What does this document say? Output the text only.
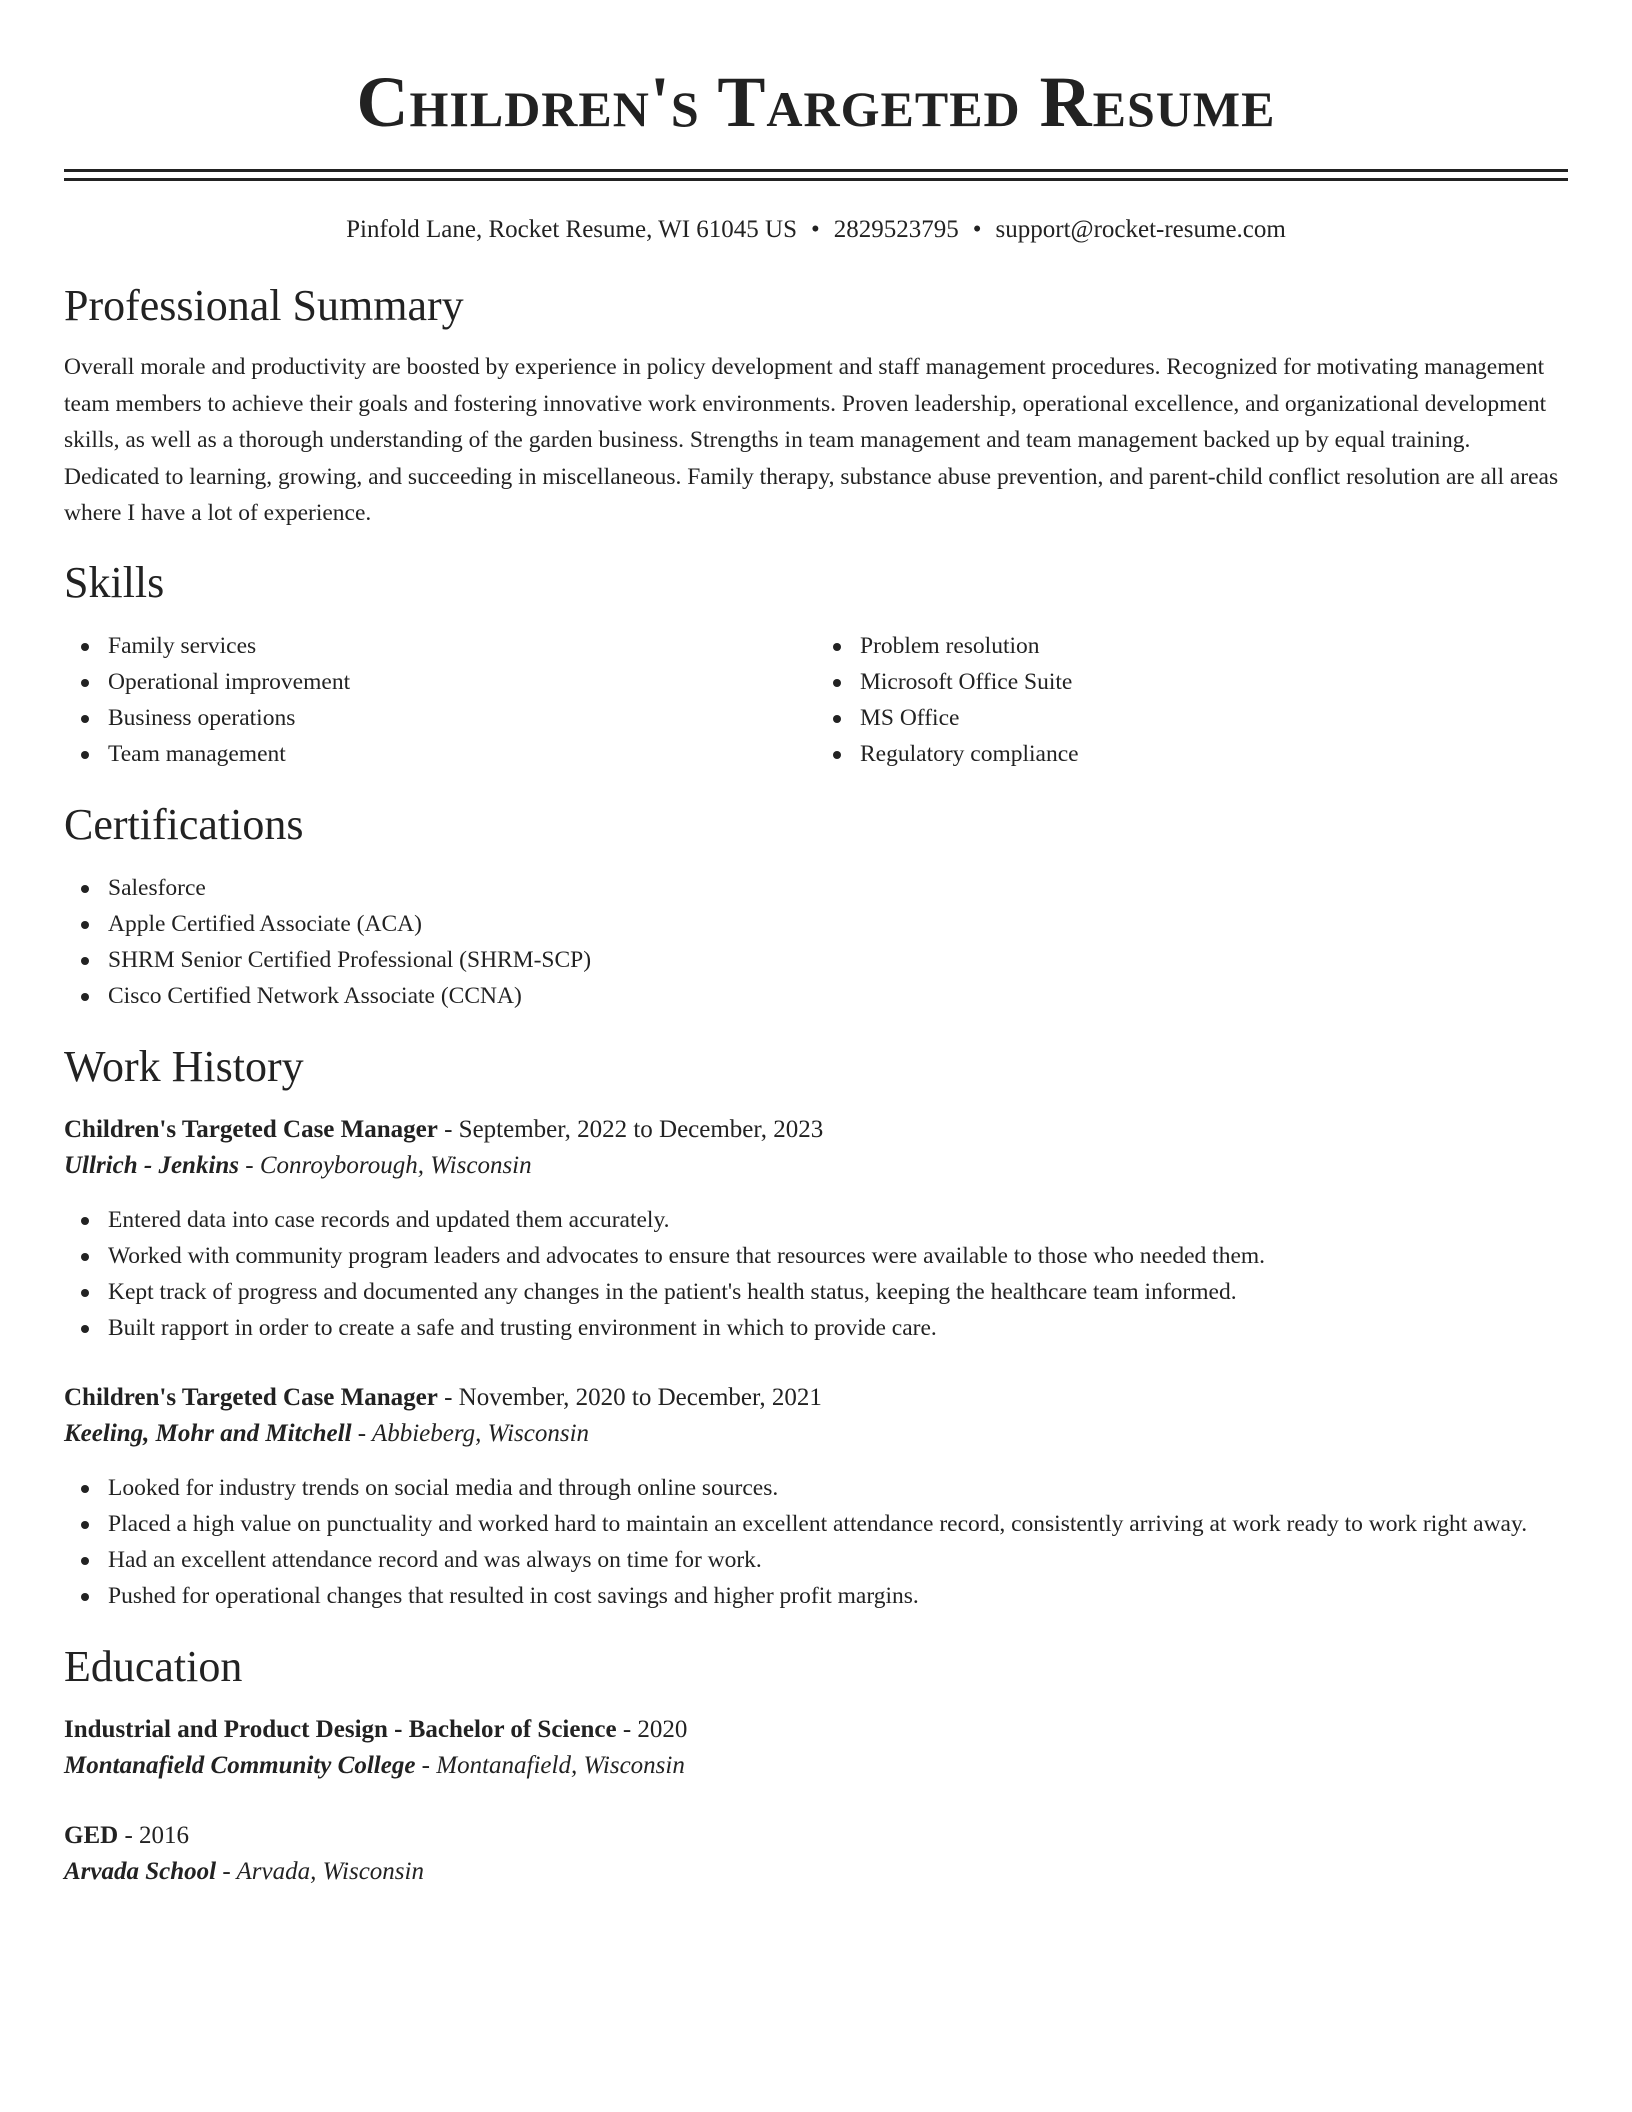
Children's Targeted Resume
Pinfold Lane, Rocket Resume, WI 61045 US • 2829523795 • support@rocket-resume.com
Professional Summary

Overall morale and productivity are boosted by experience in policy development and staff management procedures. Recognized for motivating management team members to achieve their goals and fostering innovative work environments. Proven leadership, operational excellence, and organizational development skills, as well as a thorough understanding of the garden business. Strengths in team management and team management backed up by equal training. Dedicated to learning, growing, and succeeding in miscellaneous. Family therapy, substance abuse prevention, and parent-child conflict resolution are all areas where I have a lot of experience.

Skills
Family services
Operational improvement
Business operations
Team management
Problem resolution
Microsoft Office Suite
MS Office
Regulatory compliance
Certifications
Salesforce
Apple Certified Associate (ACA)
SHRM Senior Certified Professional (SHRM-SCP)
Cisco Certified Network Associate (CCNA)
Work History
Children's Targeted Case Manager - September, 2022 to December, 2023
Ullrich - Jenkins - Conroyborough, Wisconsin
Entered data into case records and updated them accurately.
Worked with community program leaders and advocates to ensure that resources were available to those who needed them.
Kept track of progress and documented any changes in the patient's health status, keeping the healthcare team informed.
Built rapport in order to create a safe and trusting environment in which to provide care.
Children's Targeted Case Manager - November, 2020 to December, 2021
Keeling, Mohr and Mitchell - Abbieberg, Wisconsin
Looked for industry trends on social media and through online sources.
Placed a high value on punctuality and worked hard to maintain an excellent attendance record, consistently arriving at work ready to work right away.
Had an excellent attendance record and was always on time for work.
Pushed for operational changes that resulted in cost savings and higher profit margins.
Education
Industrial and Product Design - Bachelor of Science - 2020
Montanafield Community College - Montanafield, Wisconsin
GED - 2016
Arvada School - Arvada, Wisconsin
